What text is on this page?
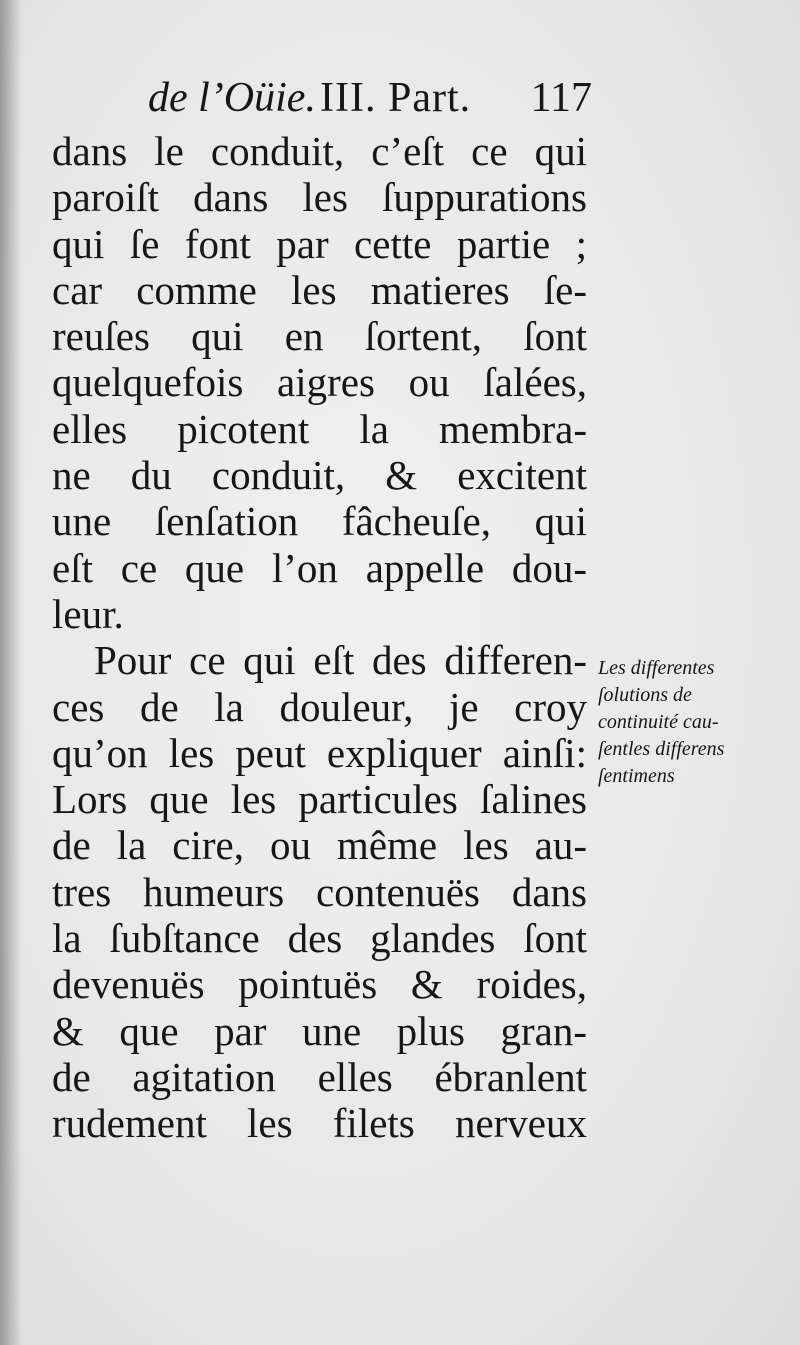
de l’Oüie. III. Part. 117
dans le conduit, c’eſt ce qui
paroiſt dans les ſuppurations
qui ſe font par cette partie ;
car comme les matieres ſe-
reuſes qui en ſortent, ſont
quelquefois aigres ou ſalées,
elles picotent la membra-
ne du conduit, & excitent
une ſenſation fâcheuſe, qui
eſt ce que l’on appelle dou-
leur.
Pour ce qui eſt des differen-
ces de la douleur, je croy
qu’on les peut expliquer ainſi:
Lors que les particules ſalines
de la cire, ou même les au-
tres humeurs contenuës dans
la ſubſtance des glandes ſont
devenuës pointuës & roides,
& que par une plus gran-
de agitation elles ébranlent
rudement les filets nerveux
Les differentes
ſolutions de
continuité cau-
ſentles differens
ſentimens
